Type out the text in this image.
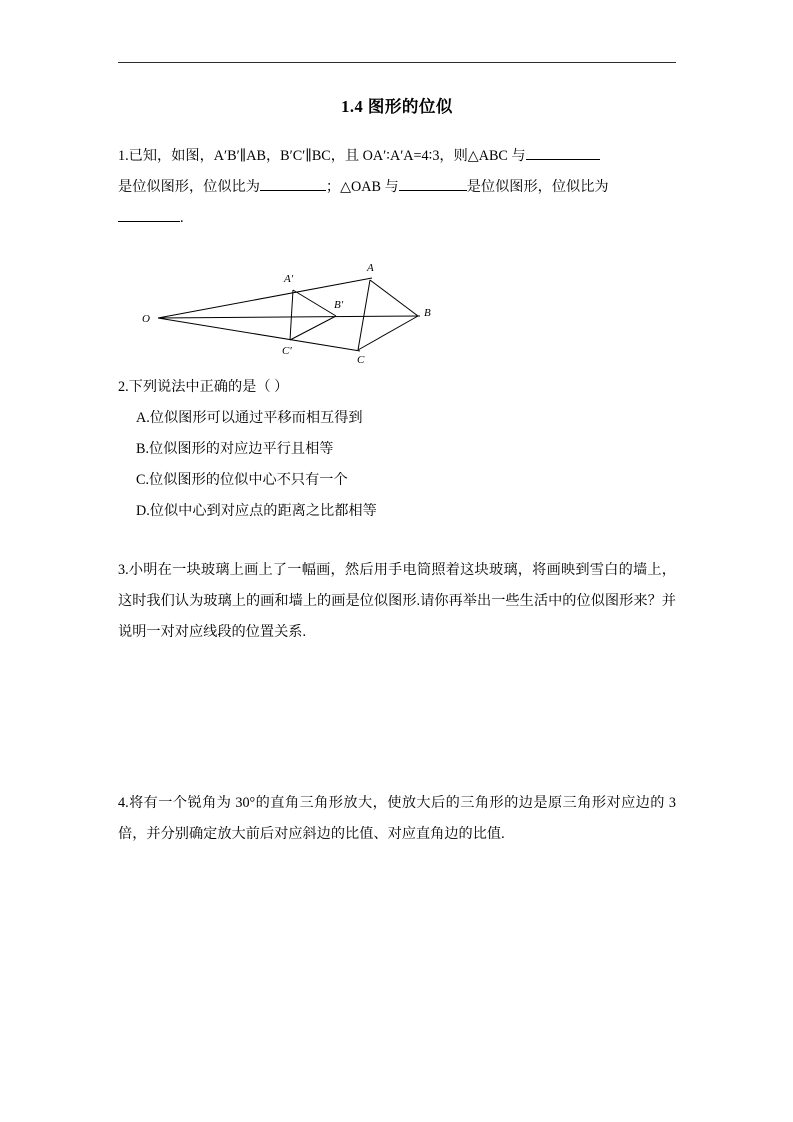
1.4 图形的位似
1.已知，如图，A′B′∥AB，B′C′∥BC，且 OA′∶A′A=4∶3，则△ABC 与
是位似图形，位似比为	；△OAB 与	是位似图形，位似比为
.
O
A
B
C
A′
B′
C′
2.下列说法中正确的是（ ）
A.位似图形可以通过平移而相互得到
B.位似图形的对应边平行且相等
C.位似图形的位似中心不只有一个
D.位似中心到对应点的距离之比都相等
3.小明在一块玻璃上画上了一幅画，然后用手电筒照着这块玻璃，将画映到雪白的墙上，这时我们认为玻璃上的画和墙上的画是位似图形.请你再举出一些生活中的位似图形来？并说明一对对应线段的位置关系.
4.将有一个锐角为 30°的直角三角形放大，使放大后的三角形的边是原三角形对应边的 3 倍，并分别确定放大前后对应斜边的比值、对应直角边的比值.
